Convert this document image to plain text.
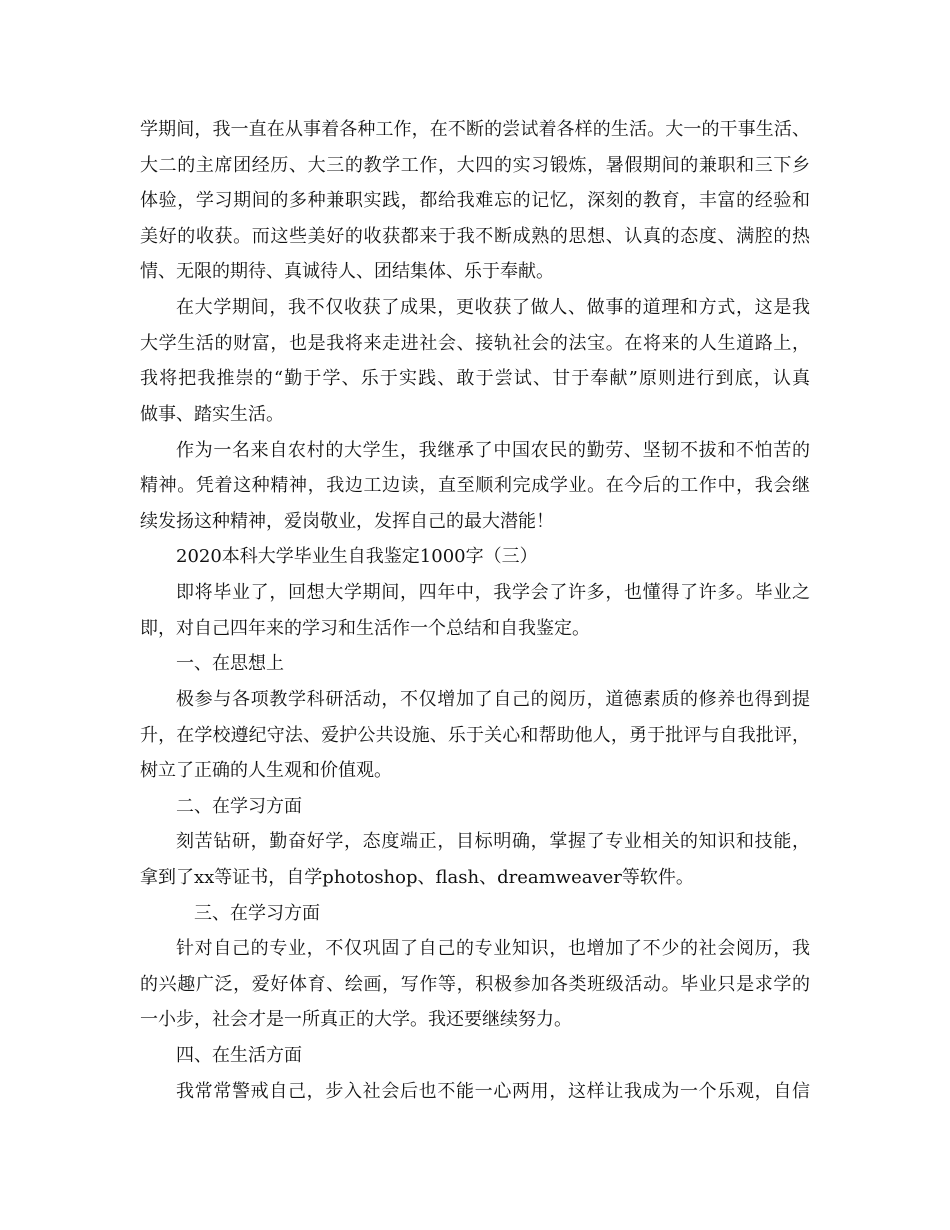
学期间，我一直在从事着各种工作，在不断的尝试着各样的生活。大一的干事生活、
大二的主席团经历、大三的教学工作，大四的实习锻炼，暑假期间的兼职和三下乡
体验，学习期间的多种兼职实践，都给我难忘的记忆，深刻的教育，丰富的经验和
美好的收获。而这些美好的收获都来于我不断成熟的思想、认真的态度、满腔的热
情、无限的期待、真诚待人、团结集体、乐于奉献。
在大学期间，我不仅收获了成果，更收获了做人、做事的道理和方式，这是我
大学生活的财富，也是我将来走进社会、接轨社会的法宝。在将来的人生道路上，
我将把我推崇的“勤于学、乐于实践、敢于尝试、甘于奉献”原则进行到底，认真
做事、踏实生活。
作为一名来自农村的大学生，我继承了中国农民的勤劳、坚韧不拔和不怕苦的
精神。凭着这种精神，我边工边读，直至顺利完成学业。在今后的工作中，我会继
续发扬这种精神，爱岗敬业，发挥自己的最大潜能！
2020本科大学毕业生自我鉴定1000字（三）
即将毕业了，回想大学期间，四年中，我学会了许多，也懂得了许多。毕业之
即，对自己四年来的学习和生活作一个总结和自我鉴定。
一、在思想上
极参与各项教学科研活动，不仅增加了自己的阅历，道德素质的修养也得到提
升，在学校遵纪守法、爱护公共设施、乐于关心和帮助他人，勇于批评与自我批评，
树立了正确的人生观和价值观。
二、在学习方面
刻苦钻研，勤奋好学，态度端正，目标明确，掌握了专业相关的知识和技能，
拿到了xx等证书，自学photoshop、flash、dreamweaver等软件。
三、在学习方面
针对自己的专业，不仅巩固了自己的专业知识，也增加了不少的社会阅历，我
的兴趣广泛，爱好体育、绘画，写作等，积极参加各类班级活动。毕业只是求学的
一小步，社会才是一所真正的大学。我还要继续努力。
四、在生活方面
我常常警戒自己，步入社会后也不能一心两用，这样让我成为一个乐观，自信
